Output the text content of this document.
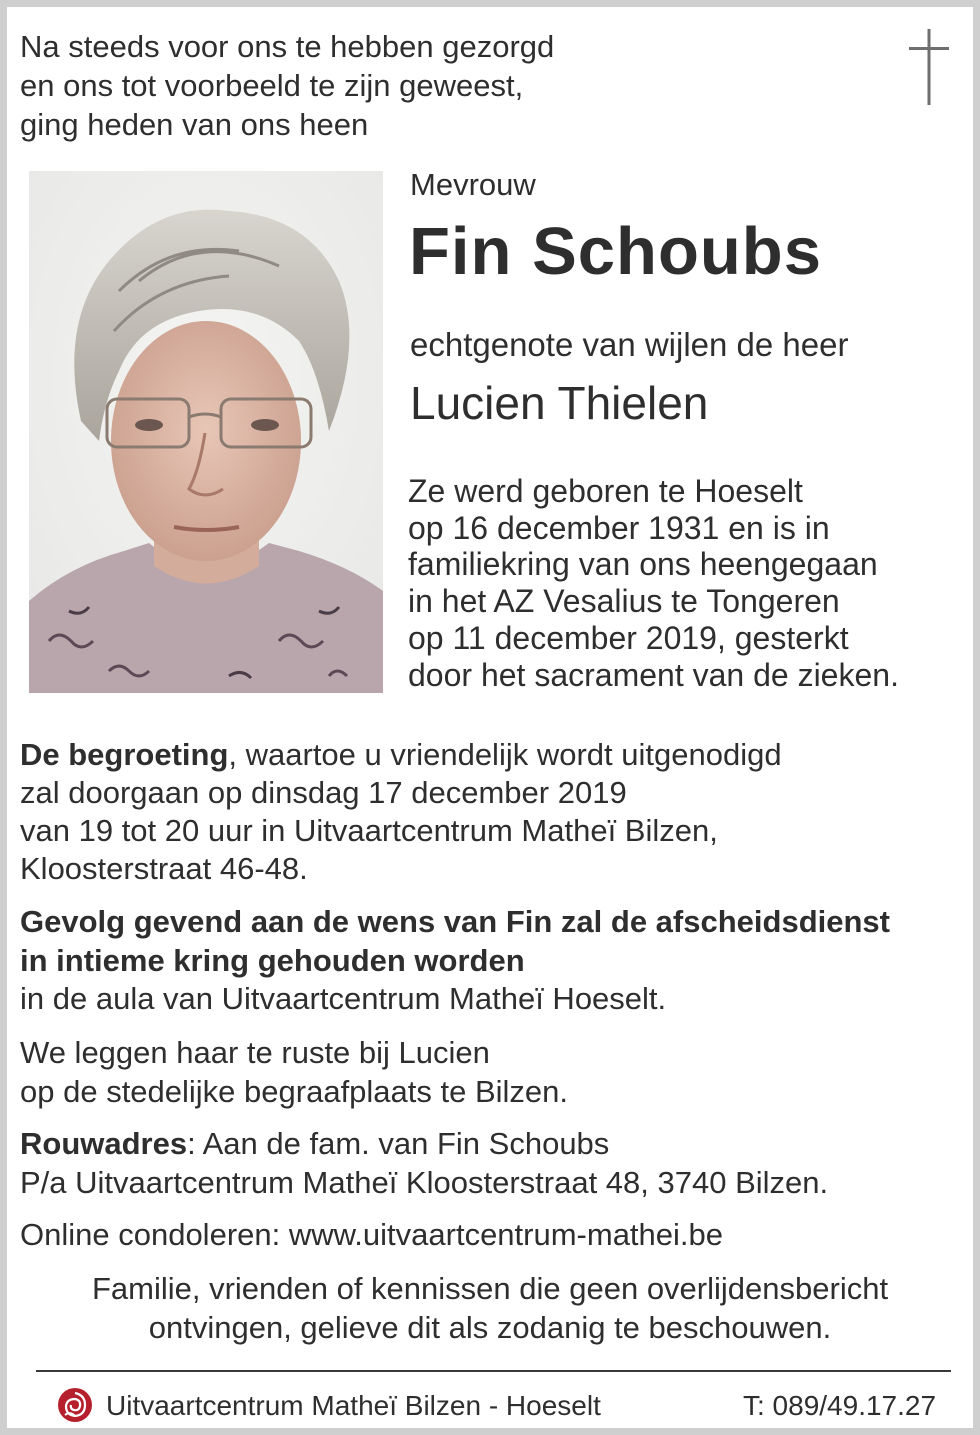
Na steeds voor ons te hebben gezorgd
en ons tot voorbeeld te zijn geweest,
ging heden van ons heen
Mevrouw
Fin Schoubs
echtgenote van wijlen de heer
Lucien Thielen
Ze werd geboren te Hoeselt
op 16 december 1931 en is in
familiekring van ons heengegaan
in het AZ Vesalius te Tongeren
op 11 december 2019, gesterkt
door het sacrament van de zieken.
De begroeting, waartoe u vriendelijk wordt uitgenodigd
zal doorgaan op dinsdag 17 december 2019
van 19 tot 20 uur in Uitvaartcentrum Matheï Bilzen,
Kloosterstraat 46-48.
Gevolg gevend aan de wens van Fin zal de afscheidsdienst
in intieme kring gehouden worden
in de aula van Uitvaartcentrum Matheï Hoeselt.
We leggen haar te ruste bij Lucien
op de stedelijke begraafplaats te Bilzen.
Rouwadres: Aan de fam. van Fin Schoubs
P/a Uitvaartcentrum Matheï Kloosterstraat 48, 3740 Bilzen.
Online condoleren: www.uitvaartcentrum-mathei.be
Familie, vrienden of kennissen die geen overlijdensbericht
ontvingen, gelieve dit als zodanig te beschouwen.
Uitvaartcentrum Matheï Bilzen - Hoeselt	T: 089/49.17.27
